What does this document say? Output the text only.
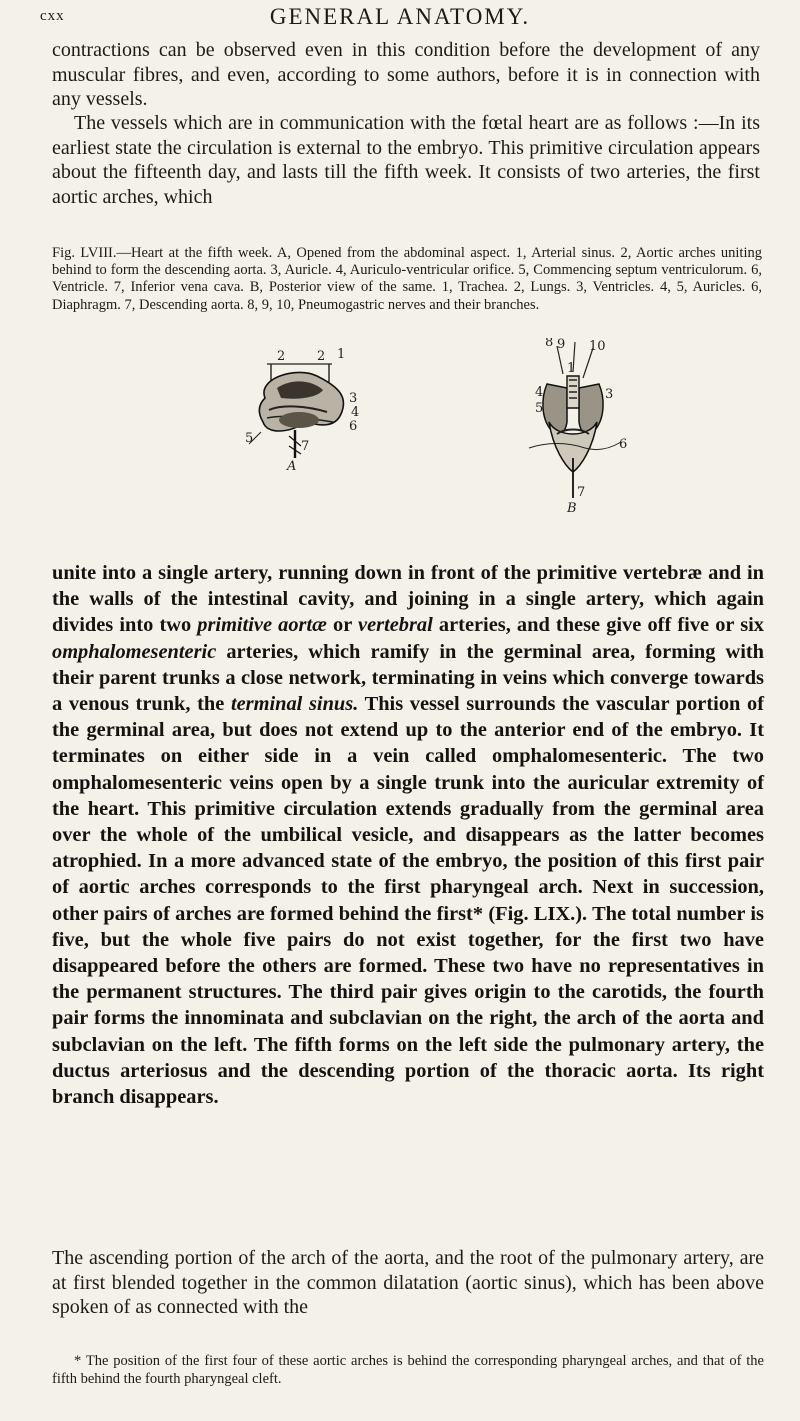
cxx	GENERAL ANATOMY.

contractions can be observed even in this condition before the development of any muscular fibres, and even, according to some authors, before it is in connection with any vessels.

The vessels which are in communication with the fœtal heart are as follows :—In its earliest state the circulation is external to the embryo. This primitive circulation appears about the fifteenth day, and lasts till the fifth week. It consists of two arteries, the first aortic arches, which

Fig. LVIII.—Heart at the fifth week. A, Opened from the abdominal aspect. 1, Arterial sinus. 2, Aortic arches uniting behind to form the descending aorta. 3, Auricle. 4, Auriculo-ventricular orifice. 5, Commencing septum ventriculorum. 6, Ventricle. 7, Inferior vena cava. B, Posterior view of the same. 1, Trachea. 2, Lungs. 3, Ventricles. 4, 5, Auricles. 6, Diaphragm. 7, Descending aorta. 8, 9, 10, Pneumogastric nerves and their branches.

2 2 1
3
4
6
5
7
A
8 9 10
4
5
3
6
7
1
B

unite into a single artery, running down in front of the primitive vertebræ and in the walls of the intestinal cavity, and joining in a single artery, which again divides into two primitive aortæ or vertebral arteries, and these give off five or six omphalomesenteric arteries, which ramify in the germinal area, forming with their parent trunks a close network, terminating in veins which converge towards a venous trunk, the terminal sinus. This vessel surrounds the vascular portion of the germinal area, but does not extend up to the anterior end of the embryo. It terminates on either side in a vein called omphalomesenteric. The two omphalomesenteric veins open by a single trunk into the auricular extremity of the heart. This primitive circulation extends gradually from the germinal area over the whole of the umbilical vesicle, and disappears as the latter becomes atrophied. In a more advanced state of the embryo, the position of this first pair of aortic arches corresponds to the first pharyngeal arch. Next in succession, other pairs of arches are formed behind the first* (Fig. LIX.). The total number is five, but the whole five pairs do not exist together, for the first two have disappeared before the others are formed. These two have no representatives in the permanent structures. The third pair gives origin to the carotids, the fourth pair forms the innominata and subclavian on the right, the arch of the aorta and subclavian on the left. The fifth forms on the left side the pulmonary artery, the ductus arteriosus and the descending portion of the thoracic aorta. Its right branch disappears.

The ascending portion of the arch of the aorta, and the root of the pulmonary artery, are at first blended together in the common dilatation (aortic sinus), which has been above spoken of as connected with the

* The position of the first four of these aortic arches is behind the corresponding pharyngeal arches, and that of the fifth behind the fourth pharyngeal cleft.
